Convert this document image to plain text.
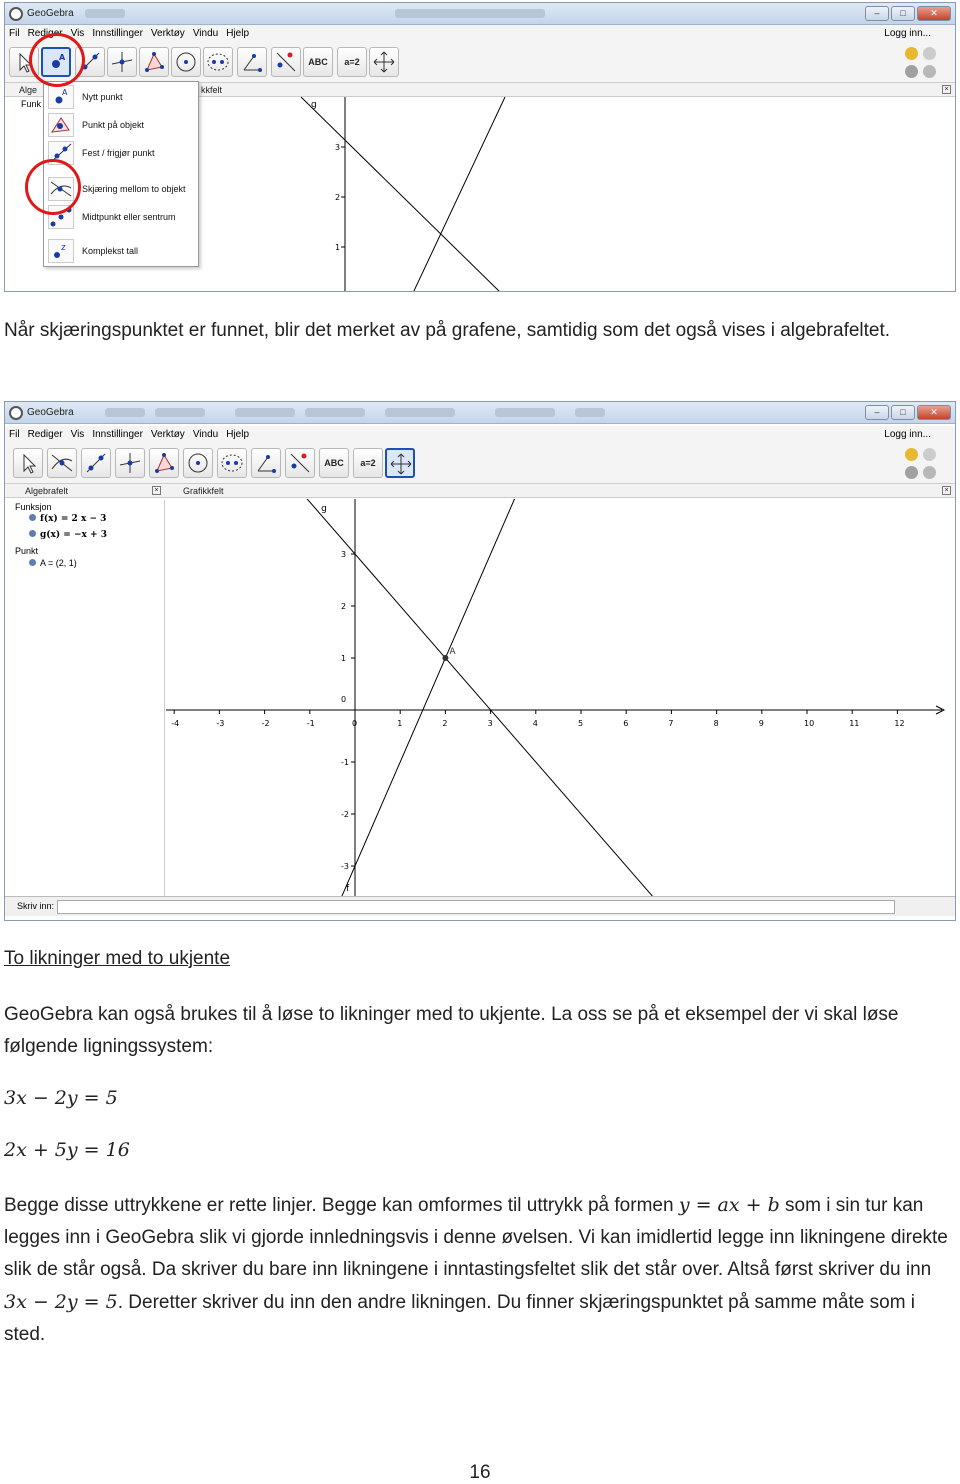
GeoGebra	–	□	✕
Fil Rediger Vis Innstillinger Verktøy Vindu Hjelp	Logg inn...
A	ABC	a=2
Alge
Funk
kkfelt	×
3
2
1
g
A Nytt punkt
Punkt på objekt
Fest / frigjør punkt
Skjæring mellom to objekt
Midtpunkt eller sentrum
z Komplekst tall
Når skjæringspunktet er funnet, blir det merket av på grafene, samtidig som det også vises i algebrafeltet.
GeoGebra	–	□	✕
Fil Rediger Vis Innstillinger Verktøy Vindu Hjelp	Logg inn...
ABC	a=2
Algebrafelt	×	Grafikkfelt	×
Funksjon
f(x) = 2 x − 3
g(x) = −x + 3
Punkt
A = (2, 1)
-4	-3	-2	-1	0	1	2	3	4	5	6	7	8	9	10	11	12
3
2
1
0
-1
-2
-3
g
f
A
Skriv inn:
To likninger med to ukjente
GeoGebra kan også brukes til å løse to likninger med to ukjente. La oss se på et eksempel der vi skal løse følgende ligningssystem:
3𝑥 − 2𝑦 = 5
2𝑥 + 5𝑦 = 16
Begge disse uttrykkene er rette linjer. Begge kan omformes til uttrykk på formen 𝑦 = 𝑎𝑥 + 𝑏 som i sin tur kan legges inn i GeoGebra slik vi gjorde innledningsvis i denne øvelsen. Vi kan imidlertid legge inn likningene direkte slik de står også. Da skriver du bare inn likningene i inntastingsfeltet slik det står over. Altså først skriver du inn 3𝑥 − 2𝑦 = 5. Deretter skriver du inn den andre likningen. Du finner skjæringspunktet på samme måte som i sted.
16
